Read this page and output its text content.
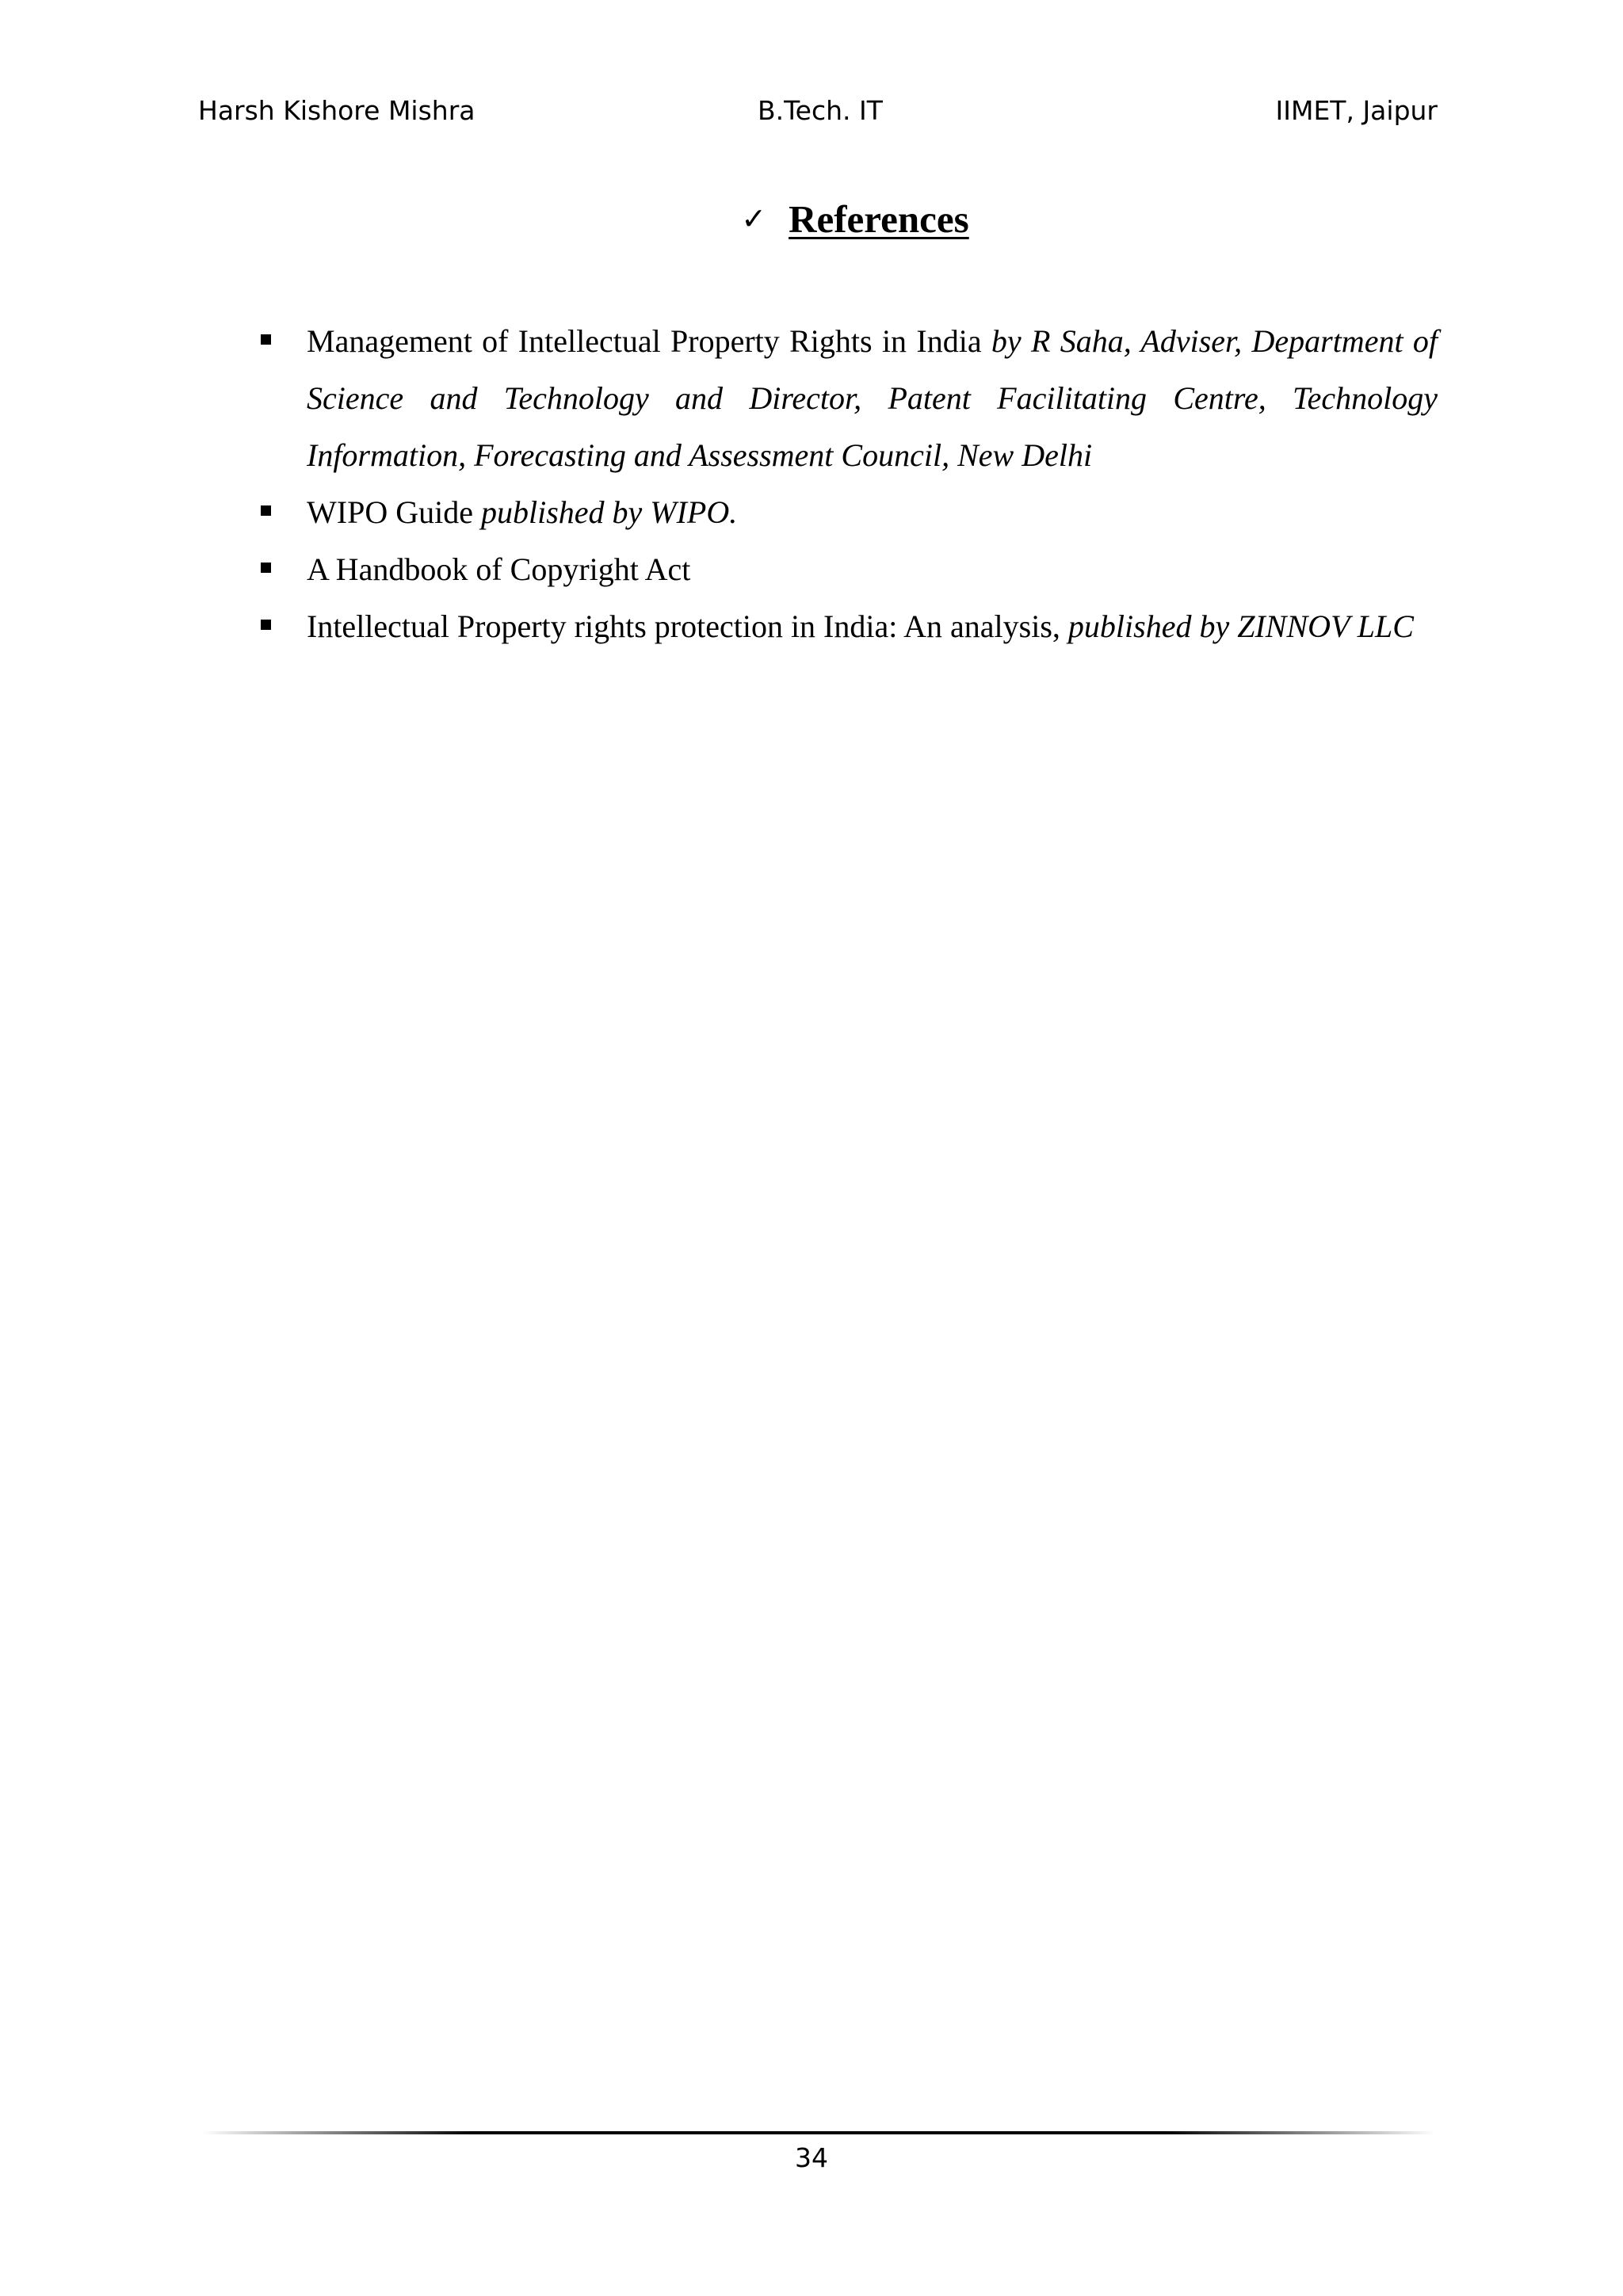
Harsh Kishore Mishra	B.Tech. IT	IIMET, Jaipur
✓ References
Management of Intellectual Property Rights in India by R Saha, Adviser, Department of Science and Technology and Director, Patent Facilitating Centre, Technology Information, Forecasting and Assessment Council, New Delhi
WIPO Guide published by WIPO.
A Handbook of Copyright Act
Intellectual Property rights protection in India: An analysis, published by ZINNOV LLC
34
